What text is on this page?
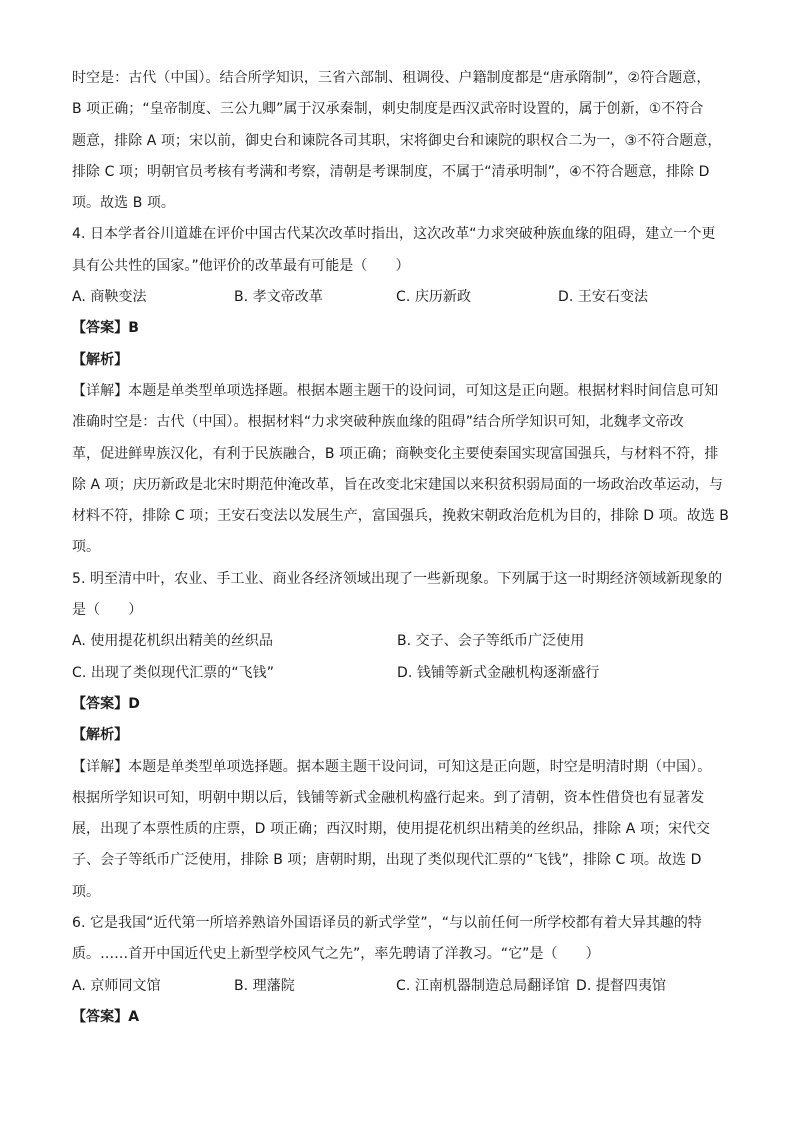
时空是：古代（中国）。结合所学知识，三省六部制、租调役、户籍制度都是“唐承隋制”，②符合题意，
B 项正确；“皇帝制度、三公九卿”属于汉承秦制，刺史制度是西汉武帝时设置的，属于创新，①不符合
题意，排除 A 项；宋以前，御史台和谏院各司其职，宋将御史台和谏院的职权合二为一，③不符合题意，
排除 C 项；明朝官员考核有考满和考察，清朝是考课制度，不属于“清承明制”，④不符合题意，排除 D
项。故选 B 项。
4. 日本学者谷川道雄在评价中国古代某次改革时指出，这次改革“力求突破种族血缘的阻碍，建立一个更
具有公共性的国家。”他评价的改革最有可能是（　　）
A. 商鞅变法	B. 孝文帝改革	C. 庆历新政	D. 王安石变法
【答案】B
【解析】
【详解】本题是单类型单项选择题。根据本题主题干的设问词，可知这是正向题。根据材料时间信息可知
准确时空是：古代（中国）。根据材料“力求突破种族血缘的阻碍”结合所学知识可知，北魏孝文帝改
革，促进鲜卑族汉化，有利于民族融合，B 项正确；商鞅变化主要使秦国实现富国强兵，与材料不符，排
除 A 项；庆历新政是北宋时期范仲淹改革，旨在改变北宋建国以来积贫积弱局面的一场政治改革运动，与
材料不符，排除 C 项；王安石变法以发展生产，富国强兵，挽救宋朝政治危机为目的，排除 D 项。故选 B
项。
5. 明至清中叶，农业、手工业、商业各经济领域出现了一些新现象。下列属于这一时期经济领域新现象的
是（　　）
A. 使用提花机织出精美的丝织品	B. 交子、会子等纸币广泛使用
C. 出现了类似现代汇票的“飞钱”	D. 钱铺等新式金融机构逐渐盛行
【答案】D
【解析】
【详解】本题是单类型单项选择题。据本题主题干设问词，可知这是正向题，时空是明清时期（中国）。
根据所学知识可知，明朝中期以后，钱铺等新式金融机构盛行起来。到了清朝，资本性借贷也有显著发
展，出现了本票性质的庄票，D 项正确；西汉时期，使用提花机织出精美的丝织品，排除 A 项；宋代交
子、会子等纸币广泛使用，排除 B 项；唐朝时期，出现了类似现代汇票的“飞钱”，排除 C 项。故选 D
项。
6. 它是我国“近代第一所培养熟谙外国语译员的新式学堂”，“与以前任何一所学校都有着大异其趣的特
质。……首开中国近代史上新型学校风气之先”，率先聘请了洋教习。“它”是（　　）
A. 京师同文馆	B. 理藩院	C. 江南机器制造总局翻译馆 D. 提督四夷馆
【答案】A
